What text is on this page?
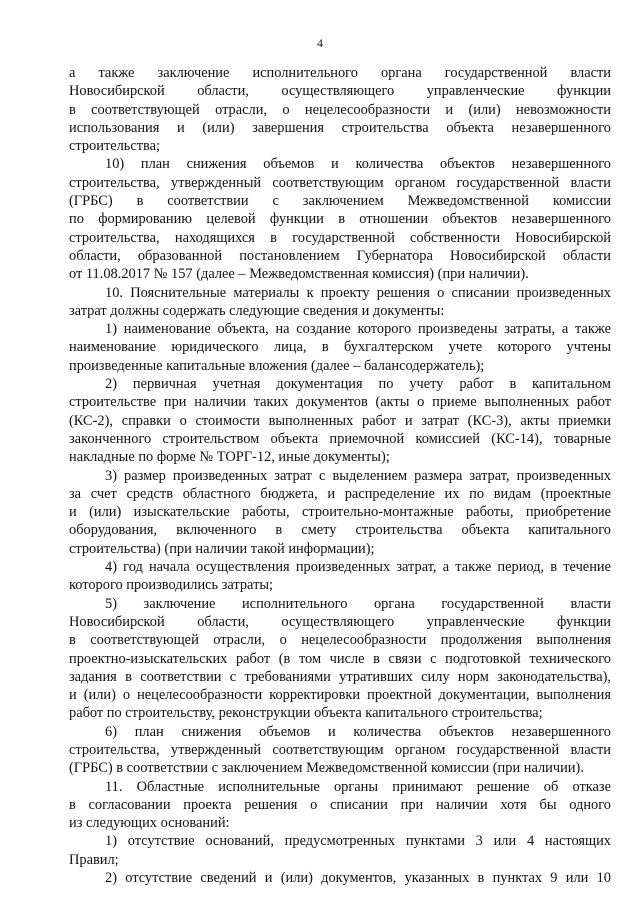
4
а также заключение исполнительного органа государственной власти
Новосибирской области, осуществляющего управленческие функции
в соответствующей отрасли, о нецелесообразности и (или) невозможности
использования и (или) завершения строительства объекта незавершенного
строительства;
10) план снижения объемов и количества объектов незавершенного
строительства, утвержденный соответствующим органом государственной власти
(ГРБС) в соответствии с заключением Межведомственной комиссии
по формированию целевой функции в отношении объектов незавершенного
строительства, находящихся в государственной собственности Новосибирской
области, образованной постановлением Губернатора Новосибирской области
от 11.08.2017 № 157 (далее – Межведомственная комиссия) (при наличии).
10. Пояснительные материалы к проекту решения о списании произведенных
затрат должны содержать следующие сведения и документы:
1) наименование объекта, на создание которого произведены затраты, а также
наименование юридического лица, в бухгалтерском учете которого учтены
произведенные капитальные вложения (далее – балансодержатель);
2) первичная учетная документация по учету работ в капитальном
строительстве при наличии таких документов (акты о приеме выполненных работ
(КС-2), справки о стоимости выполненных работ и затрат (КС-3), акты приемки
законченного строительством объекта приемочной комиссией (КС-14), товарные
накладные по форме № ТОРГ-12, иные документы);
3) размер произведенных затрат с выделением размера затрат, произведенных
за счет средств областного бюджета, и распределение их по видам (проектные
и (или) изыскательские работы, строительно-монтажные работы, приобретение
оборудования, включенного в смету строительства объекта капитального
строительства) (при наличии такой информации);
4) год начала осуществления произведенных затрат, а также период, в течение
которого производились затраты;
5) заключение исполнительного органа государственной власти
Новосибирской области, осуществляющего управленческие функции
в соответствующей отрасли, о нецелесообразности продолжения выполнения
проектно-изыскательских работ (в том числе в связи с подготовкой технического
задания в соответствии с требованиями утративших силу норм законодательства),
и (или) о нецелесообразности корректировки проектной документации, выполнения
работ по строительству, реконструкции объекта капитального строительства;
6) план снижения объемов и количества объектов незавершенного
строительства, утвержденный соответствующим органом государственной власти
(ГРБС) в соответствии с заключением Межведомственной комиссии (при наличии).
11. Областные исполнительные органы принимают решение об отказе
в согласовании проекта решения о списании при наличии хотя бы одного
из следующих оснований:
1) отсутствие оснований, предусмотренных пунктами 3 или 4 настоящих
Правил;
2) отсутствие сведений и (или) документов, указанных в пунктах 9 или 10
